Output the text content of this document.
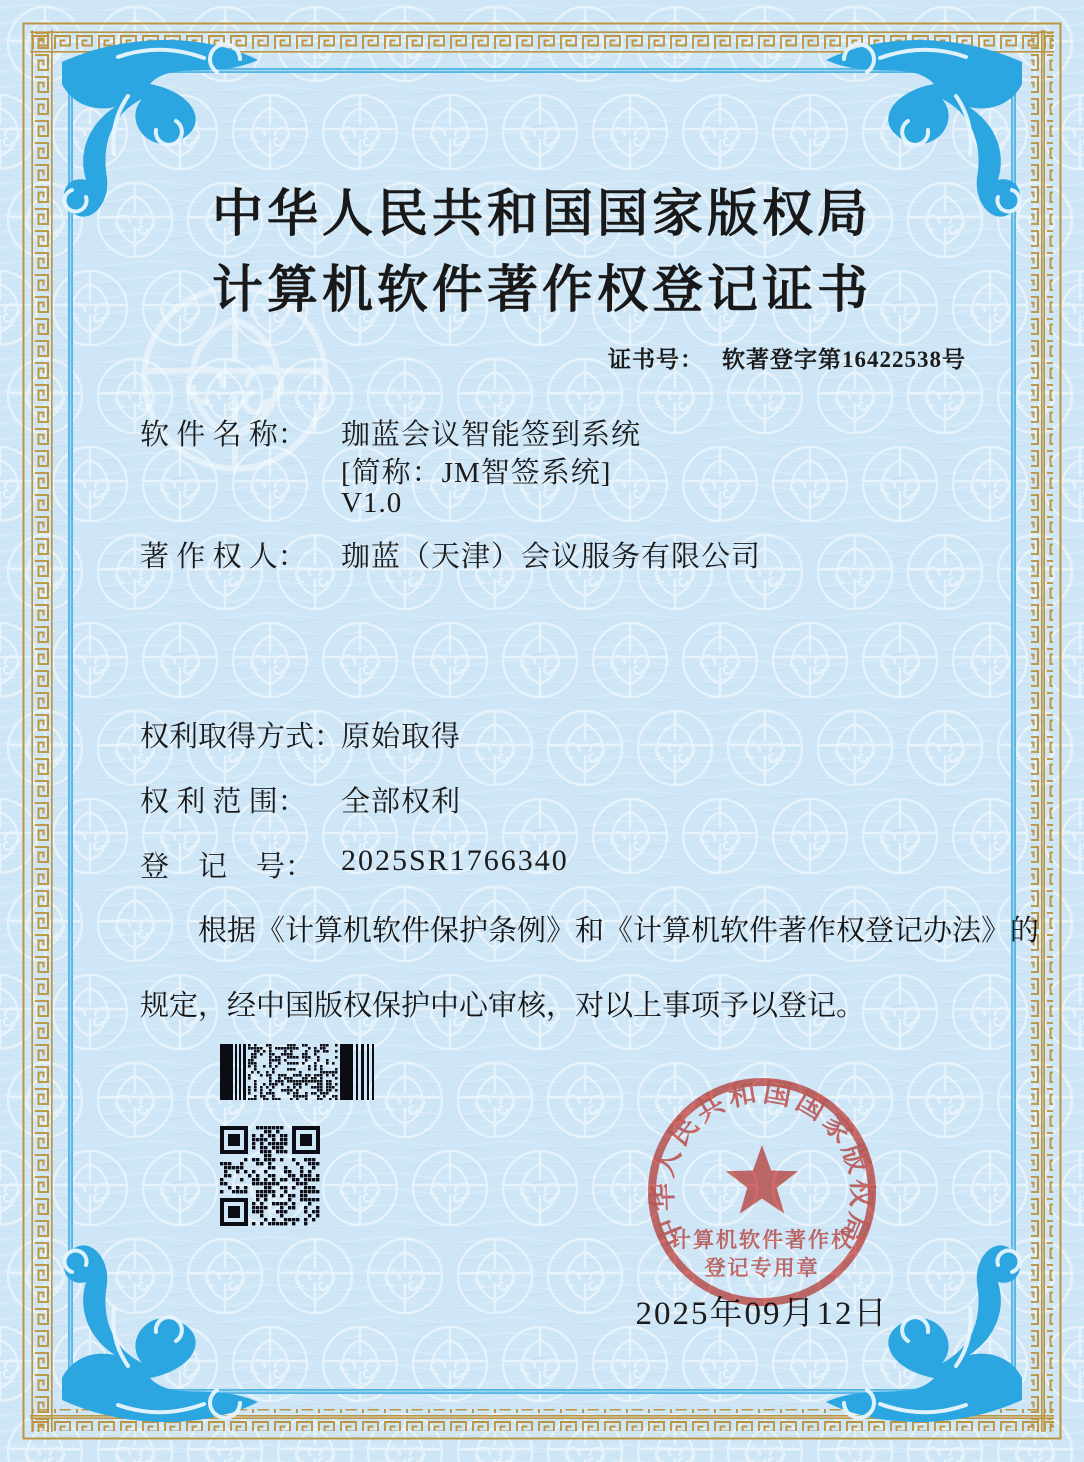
中华人民共和国国家版权局
计算机软件著作权登记证书
证书号： 软著登字第16422538号
软 件 名 称： 珈蓝会议智能签到系统
[简称：JM智签系统]
V1.0
著 作 权 人： 珈蓝（天津）会议服务有限公司
权利取得方式：
原始取得
权 利 范 围： 全部权利
登　记　号： 2025SR1766340
根据《计算机软件保护条例》和《计算机软件著作权登记办法》的
规定，经中国版权保护中心审核，对以上事项予以登记。
中华人民共和国国家版权局
计算机软件著作权
登记专用章
2025年09月12日
